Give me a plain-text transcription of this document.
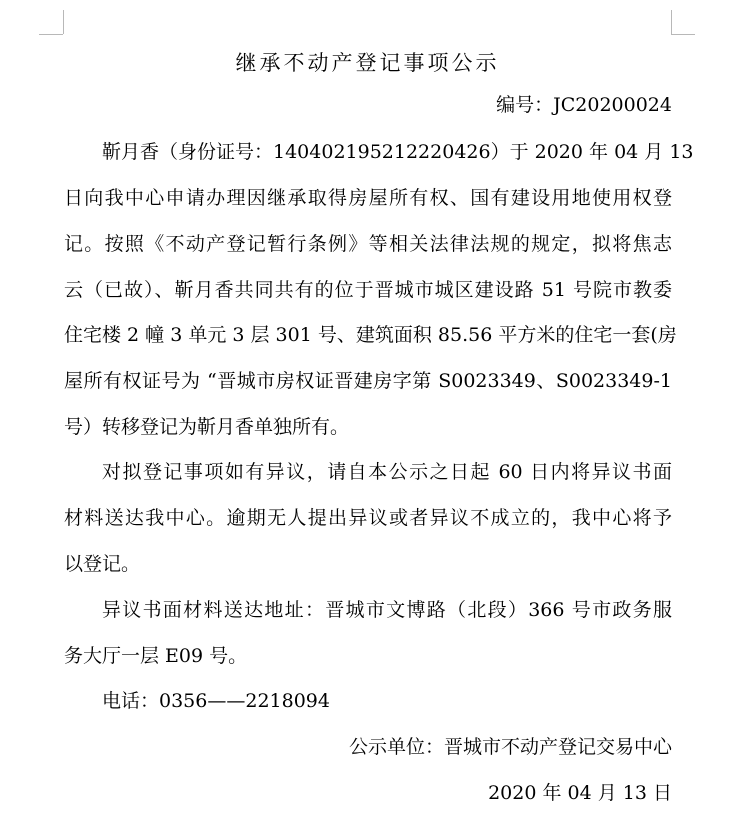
继承不动产登记事项公示
编号：JC20200024
靳月香（身份证号：140402195212220426）于 2020 年 04 月 13
日向我中心申请办理因继承取得房屋所有权、国有建设用地使用权登
记。按照《不动产登记暂行条例》等相关法律法规的规定，拟将焦志
云（已故）、靳月香共同共有的位于晋城市城区建设路 51 号院市教委
住宅楼 2 幢 3 单元 3 层 301 号、建筑面积 85.56 平方米的住宅一套(房
屋所有权证号为 “晋城市房权证晋建房字第 S0023349、S0023349-1
号）转移登记为靳月香单独所有。
对拟登记事项如有异议，请自本公示之日起 60 日内将异议书面
材料送达我中心。逾期无人提出异议或者异议不成立的，我中心将予
以登记。
异议书面材料送达地址：晋城市文博路（北段）366 号市政务服
务大厅一层 E09 号。
电话：0356——2218094
公示单位：晋城市不动产登记交易中心
2020 年 04 月 13 日
